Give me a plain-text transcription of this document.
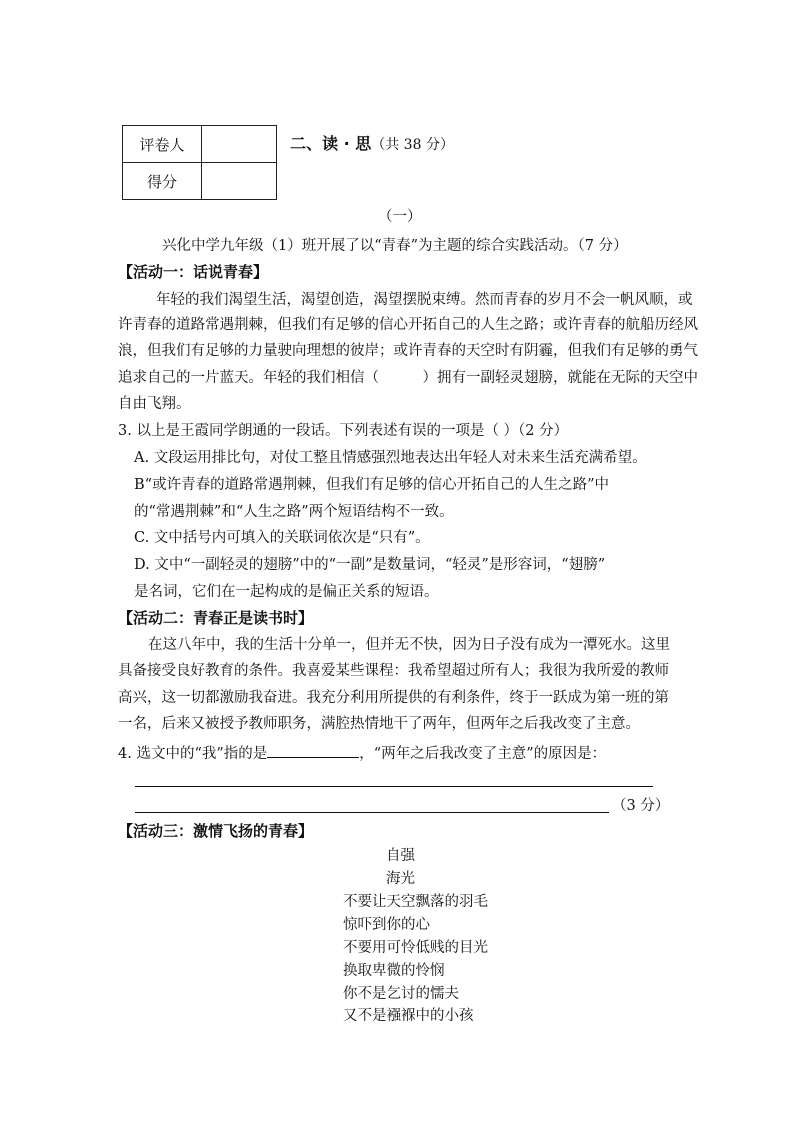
评卷人	
得分	
二、读 · 思（共 38 分）
（一）
兴化中学九年级（1）班开展了以“青春”为主题的综合实践活动。（7 分）
【活动一：话说青春】
年轻的我们渴望生活，渴望创造，渴望摆脱束缚。然而青春的岁月不会一帆风顺，或
许青春的道路常遇荆棘，但我们有足够的信心开拓自己的人生之路；或许青春的航船历经风
浪，但我们有足够的力量驶向理想的彼岸；或许青春的天空时有阴霾，但我们有足够的勇气
追求自己的一片蓝天。年轻的我们相信（　　　）拥有一副轻灵翅膀，就能在无际的天空中
自由飞翔。
3. 以上是王霞同学朗通的一段话。下列表述有误的一项是（ ）（2 分）
A. 文段运用排比句，对仗工整且情感强烈地表达出年轻人对未来生活充满希望。
B“或许青春的道路常遇荆棘，但我们有足够的信心开拓自己的人生之路”中
的“常遇荆棘”和“人生之路”两个短语结构不一致。
C. 文中括号内可填入的关联词依次是“只有”。
D. 文中“一副轻灵的翅膀”中的“一副”是数量词，“轻灵”是形容词，“翅膀”
是名词，它们在一起构成的是偏正关系的短语。
【活动二：青春正是读书时】
在这八年中，我的生活十分单一，但并无不快，因为日子没有成为一潭死水。这里
具备接受良好教育的条件。我喜爱某些课程：我希望超过所有人；我很为我所爱的教师
高兴，这一切都激励我奋进。我充分利用所提供的有利条件，终于一跃成为第一班的第
一名，后来又被授予教师职务，满腔热情地干了两年，但两年之后我改变了主意。
4. 选文中的“我”指的是	，“两年之后我改变了主意”的原因是：
（3 分）
【活动三：激情飞扬的青春】
自强
海光
不要让天空飘落的羽毛
惊吓到你的心
不要用可怜低贱的目光
换取卑微的怜悯
你不是乞讨的懦夫
又不是襁褓中的小孩
